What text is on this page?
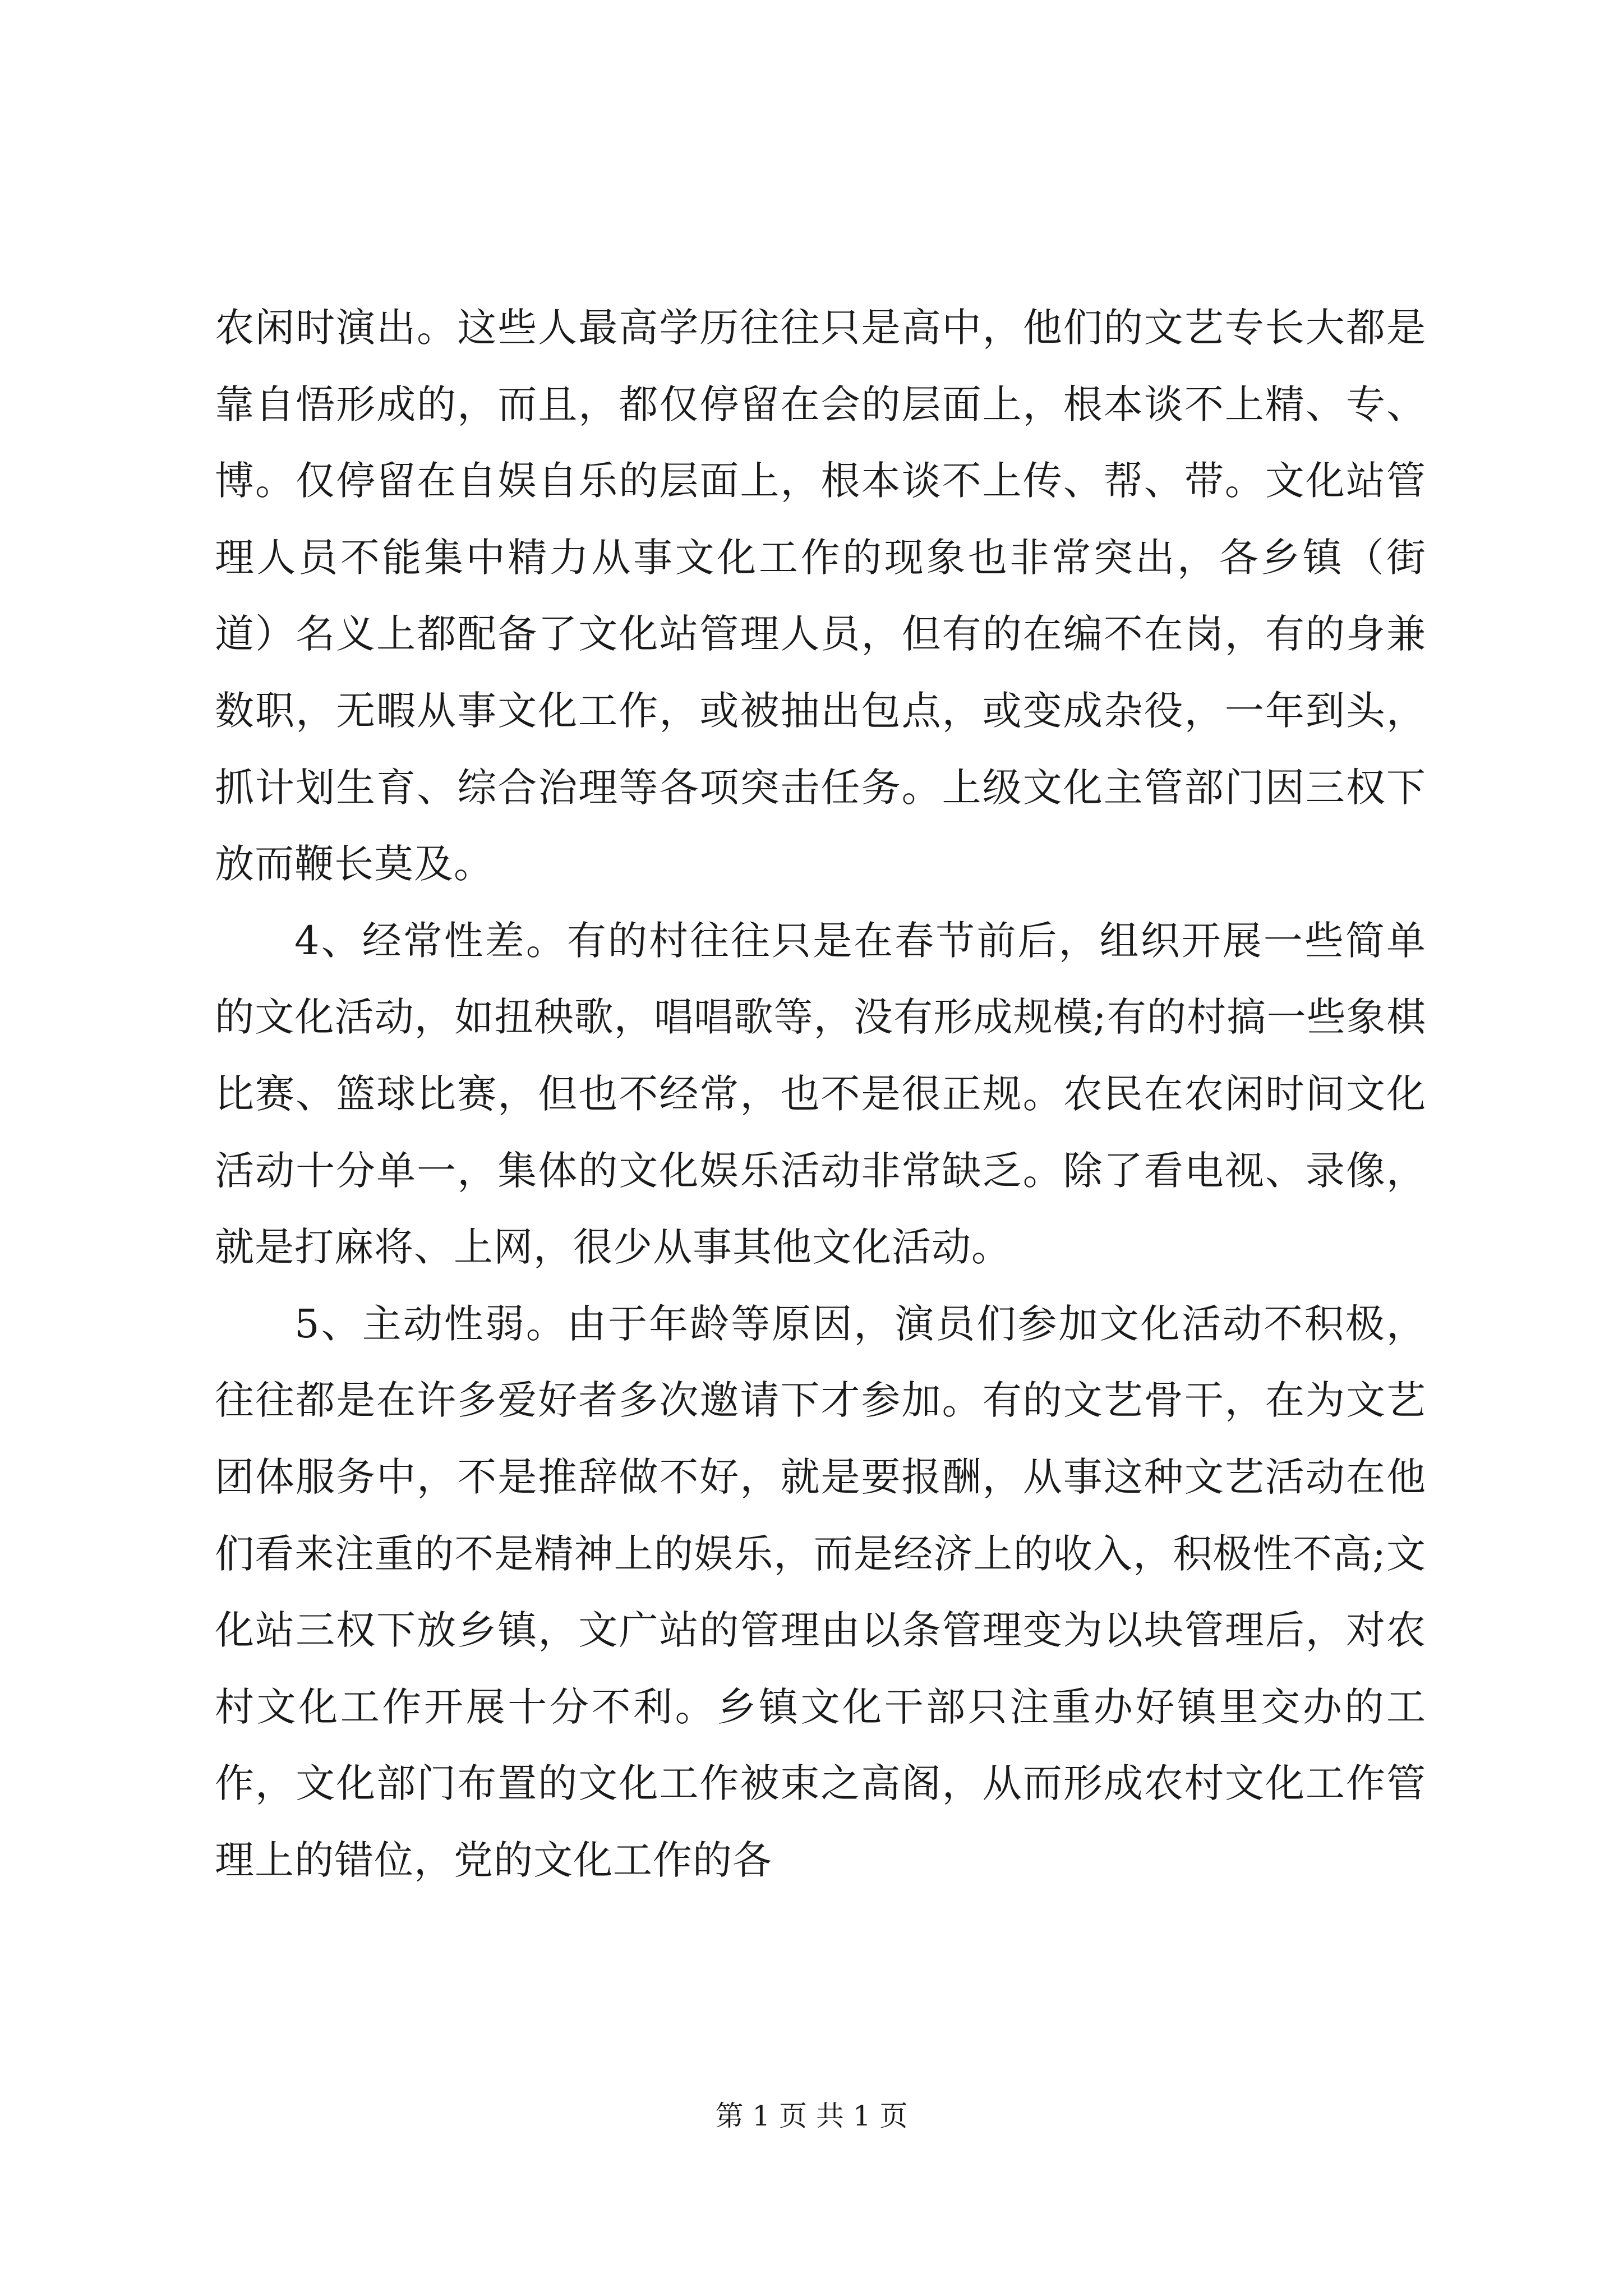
农闲时演出。这些人最高学历往往只是高中，他们的文艺专长大都是靠自悟形成的，而且，都仅停留在会的层面上，根本谈不上精、专、博。仅停留在自娱自乐的层面上，根本谈不上传、帮、带。文化站管理人员不能集中精力从事文化工作的现象也非常突出，各乡镇（街道）名义上都配备了文化站管理人员，但有的在编不在岗，有的身兼数职，无暇从事文化工作，或被抽出包点，或变成杂役，一年到头，抓计划生育、综合治理等各项突击任务。上级文化主管部门因三权下放而鞭长莫及。

4、经常性差。有的村往往只是在春节前后，组织开展一些简单的文化活动，如扭秧歌，唱唱歌等，没有形成规模;有的村搞一些象棋比赛、篮球比赛，但也不经常，也不是很正规。农民在农闲时间文化活动十分单一，集体的文化娱乐活动非常缺乏。除了看电视、录像，就是打麻将、上网，很少从事其他文化活动。

5、主动性弱。由于年龄等原因，演员们参加文化活动不积极，往往都是在许多爱好者多次邀请下才参加。有的文艺骨干，在为文艺团体服务中，不是推辞做不好，就是要报酬，从事这种文艺活动在他们看来注重的不是精神上的娱乐，而是经济上的收入，积极性不高;文化站三权下放乡镇，文广站的管理由以条管理变为以块管理后，对农村文化工作开展十分不利。乡镇文化干部只注重办好镇里交办的工作，文化部门布置的文化工作被束之高阁，从而形成农村文化工作管理上的错位，党的文化工作的各

第 1 页 共 1 页
